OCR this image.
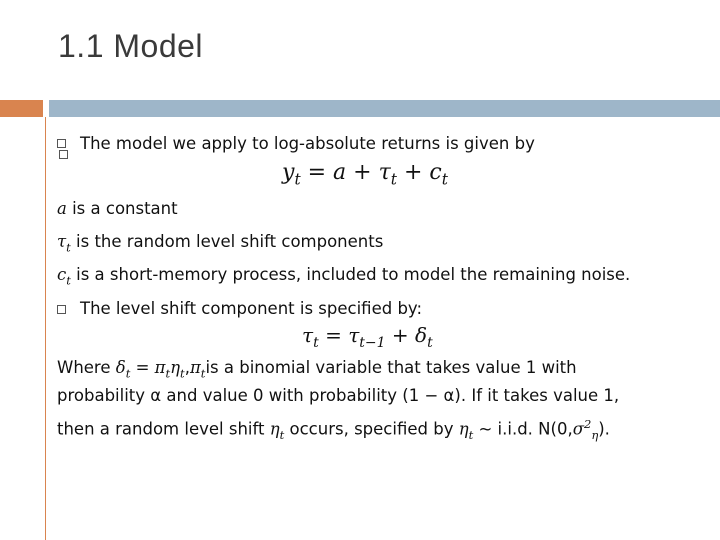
1.1 Model
The model we apply to log-absolute returns is given by
$y_t = a + \tau_t + c_t$
a is a constant
$\tau_t$ is the random level shift components
$c_t$ is a short-memory process, included to model the remaining noise.
The level shift component is specified by:
$\tau_t = \tau_{t-1} + \delta_t$
Where $\delta_t = \pi_t\eta_t,\pi_tis$ a binomial variable that takes value 1 with
probability α and value 0 with probability (1 − α). If it takes value 1,
then a random level shift $\eta_t$ occurs, specified by $\eta_t$ ~ i.i.d. $N(0,\sigma^2_\eta)$.
